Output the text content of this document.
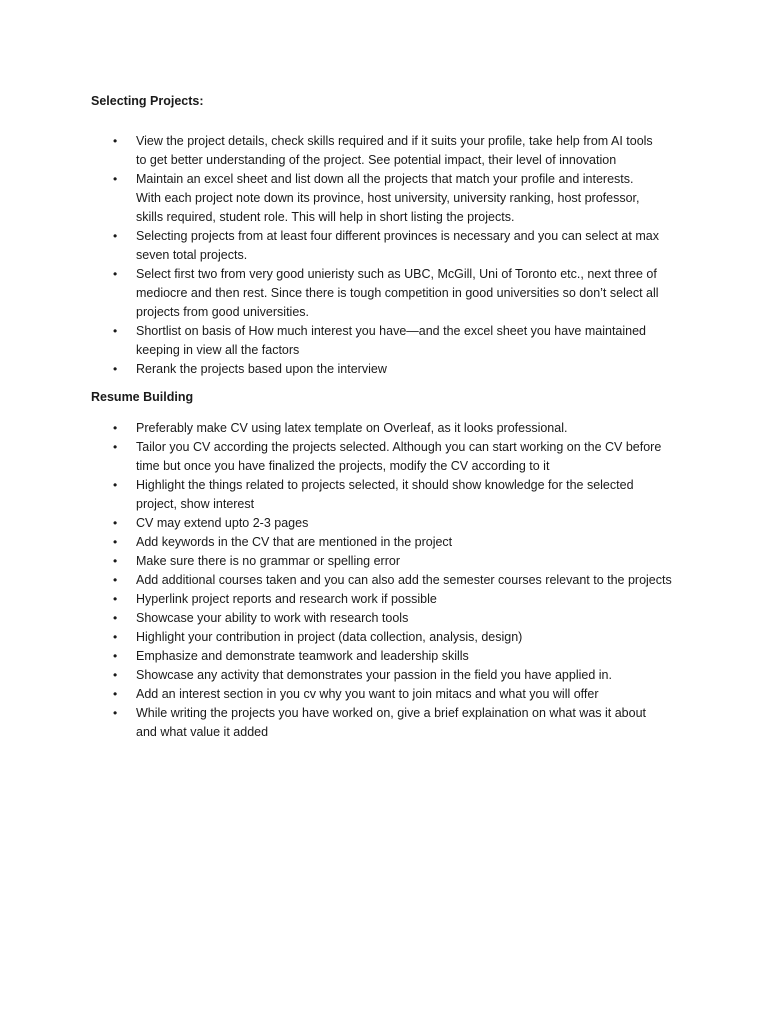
Selecting Projects:
• View the project details, check skills required and if it suits your profile, take help from AI tools
to get better understanding of the project. See potential impact, their level of innovation
• Maintain an excel sheet and list down all the projects that match your profile and interests.
With each project note down its province, host university, university ranking, host professor,
skills required, student role. This will help in short listing the projects.
• Selecting projects from at least four different provinces is necessary and you can select at max
seven total projects.
• Select first two from very good unieristy such as UBC, McGill, Uni of Toronto etc., next three of
mediocre and then rest. Since there is tough competition in good universities so don’t select all
projects from good universities.
• Shortlist on basis of How much interest you have—and the excel sheet you have maintained
keeping in view all the factors
• Rerank the projects based upon the interview
Resume Building
• Preferably make CV using latex template on Overleaf, as it looks professional.
• Tailor you CV according the projects selected. Although you can start working on the CV before
time but once you have finalized the projects, modify the CV according to it
• Highlight the things related to projects selected, it should show knowledge for the selected
project, show interest
• CV may extend upto 2-3 pages
• Add keywords in the CV that are mentioned in the project
• Make sure there is no grammar or spelling error
• Add additional courses taken and you can also add the semester courses relevant to the projects
• Hyperlink project reports and research work if possible
• Showcase your ability to work with research tools
• Highlight your contribution in project (data collection, analysis, design)
• Emphasize and demonstrate teamwork and leadership skills
• Showcase any activity that demonstrates your passion in the field you have applied in.
• Add an interest section in you cv why you want to join mitacs and what you will offer
• While writing the projects you have worked on, give a brief explaination on what was it about
and what value it added
